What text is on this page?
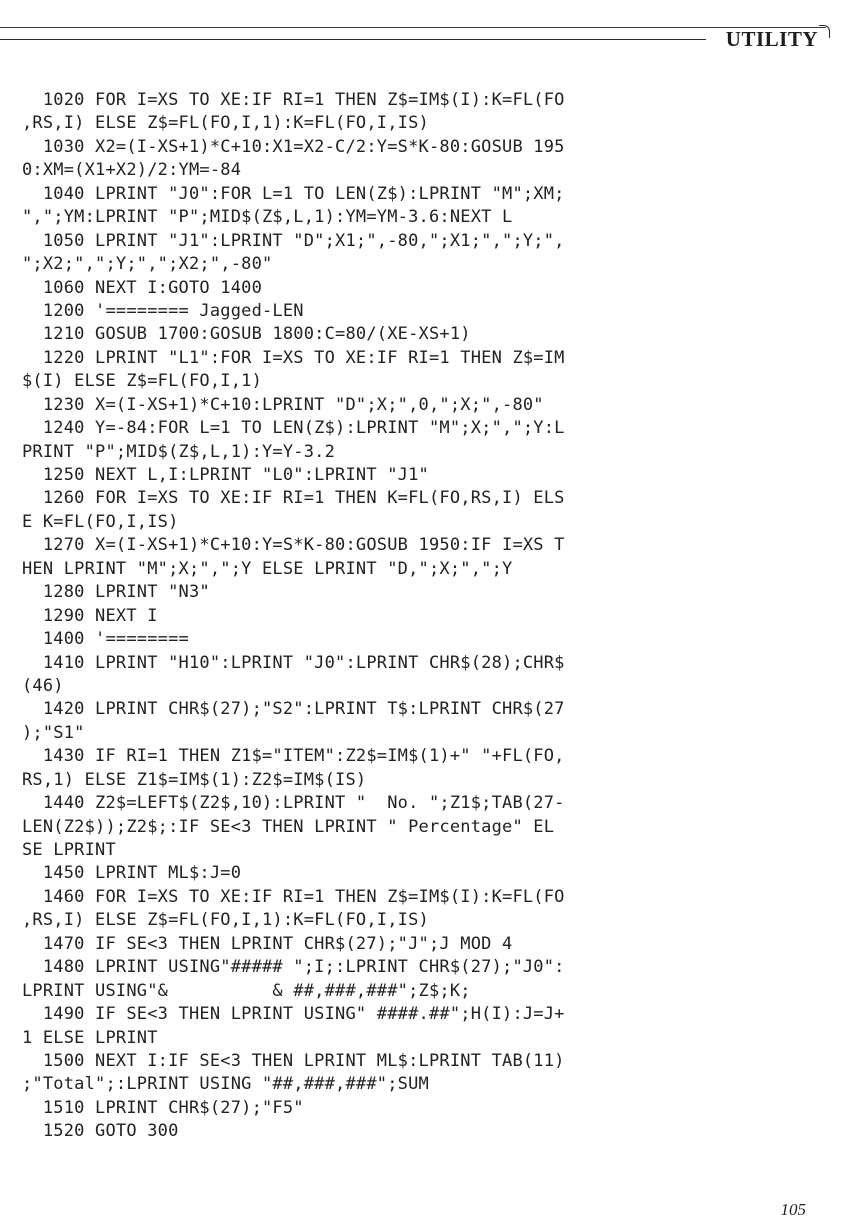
UTILITY
1020 FOR I=XS TO XE:IF RI=1 THEN Z$=IM$(I):K=FL(FO
,RS,I) ELSE Z$=FL(FO,I,1):K=FL(FO,I,IS)
1030 X2=(I-XS+1)*C+10:X1=X2-C/2:Y=S*K-80:GOSUB 195
0:XM=(X1+X2)/2:YM=-84
1040 LPRINT "J0":FOR L=1 TO LEN(Z$):LPRINT "M";XM;
",";YM:LPRINT "P";MID$(Z$,L,1):YM=YM-3.6:NEXT L
1050 LPRINT "J1":LPRINT "D";X1;",-80,";X1;",";Y;",
";X2;",";Y;",";X2;",-80"
1060 NEXT I:GOTO 1400
1200 '======== Jagged-LEN
1210 GOSUB 1700:GOSUB 1800:C=80/(XE-XS+1)
1220 LPRINT "L1":FOR I=XS TO XE:IF RI=1 THEN Z$=IM
$(I) ELSE Z$=FL(FO,I,1)
1230 X=(I-XS+1)*C+10:LPRINT "D";X;",0,";X;",-80"
1240 Y=-84:FOR L=1 TO LEN(Z$):LPRINT "M";X;",";Y:L
PRINT "P";MID$(Z$,L,1):Y=Y-3.2
1250 NEXT L,I:LPRINT "L0":LPRINT "J1"
1260 FOR I=XS TO XE:IF RI=1 THEN K=FL(FO,RS,I) ELS
E K=FL(FO,I,IS)
1270 X=(I-XS+1)*C+10:Y=S*K-80:GOSUB 1950:IF I=XS T
HEN LPRINT "M";X;",";Y ELSE LPRINT "D,";X;",";Y
1280 LPRINT "N3"
1290 NEXT I
1400 '========
1410 LPRINT "H10":LPRINT "J0":LPRINT CHR$(28);CHR$
(46)
1420 LPRINT CHR$(27);"S2":LPRINT T$:LPRINT CHR$(27
);"S1"
1430 IF RI=1 THEN Z1$="ITEM":Z2$=IM$(1)+" "+FL(FO,
RS,1) ELSE Z1$=IM$(1):Z2$=IM$(IS)
1440 Z2$=LEFT$(Z2$,10):LPRINT "  No. ";Z1$;TAB(27-
LEN(Z2$));Z2$;:IF SE<3 THEN LPRINT " Percentage" EL
SE LPRINT
1450 LPRINT ML$:J=0
1460 FOR I=XS TO XE:IF RI=1 THEN Z$=IM$(I):K=FL(FO
,RS,I) ELSE Z$=FL(FO,I,1):K=FL(FO,I,IS)
1470 IF SE<3 THEN LPRINT CHR$(27);"J";J MOD 4
1480 LPRINT USING"##### ";I;:LPRINT CHR$(27);"J0":
LPRINT USING"&          & ##,###,###";Z$;K;
1490 IF SE<3 THEN LPRINT USING" ####.##";H(I):J=J+
1 ELSE LPRINT
1500 NEXT I:IF SE<3 THEN LPRINT ML$:LPRINT TAB(11)
;"Total";:LPRINT USING "##,###,###";SUM
1510 LPRINT CHR$(27);"F5"
1520 GOTO 300
105
